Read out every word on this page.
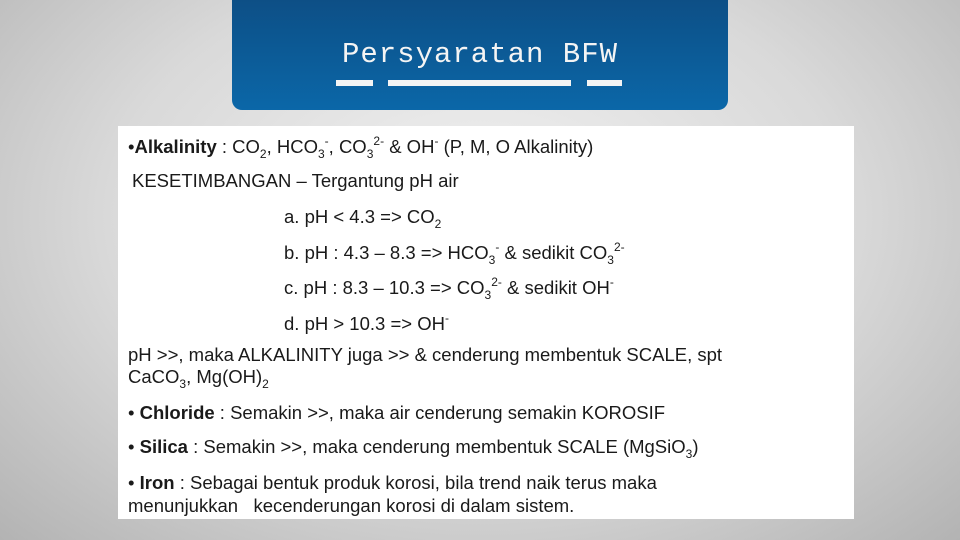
Persyaratan BFW
•Alkalinity : $CO_2$, $HCO_3^-$, $CO_3^{2-}$ & OH- (P, M, O Alkalinity)
KESETIMBANGAN – Tergantung pH air
a. pH < $4.3 => CO_2$
b. pH : $4.3 - 8.3 => HCO_3^-$ & sedikit $CO_3^{2-}$
c. pH : $8.3 - 10.3 => CO_3^{2-}$ & sedikit OH-
d. pH > 10.3 => OH-
pH >>, maka ALKALINITY juga >> & cenderung membentuk SCALE, spt
CaCO$_3$, $Mg(OH)_2$
• Chloride : Semakin >>, maka air cenderung semakin KOROSIF
• Silica : Semakin >>, maka cenderung membentuk SCALE (MgSiO$_3$)
• Iron : Sebagai bentuk produk korosi, bila trend naik terus maka
menunjukkan   kecenderungan korosi di dalam sistem.
